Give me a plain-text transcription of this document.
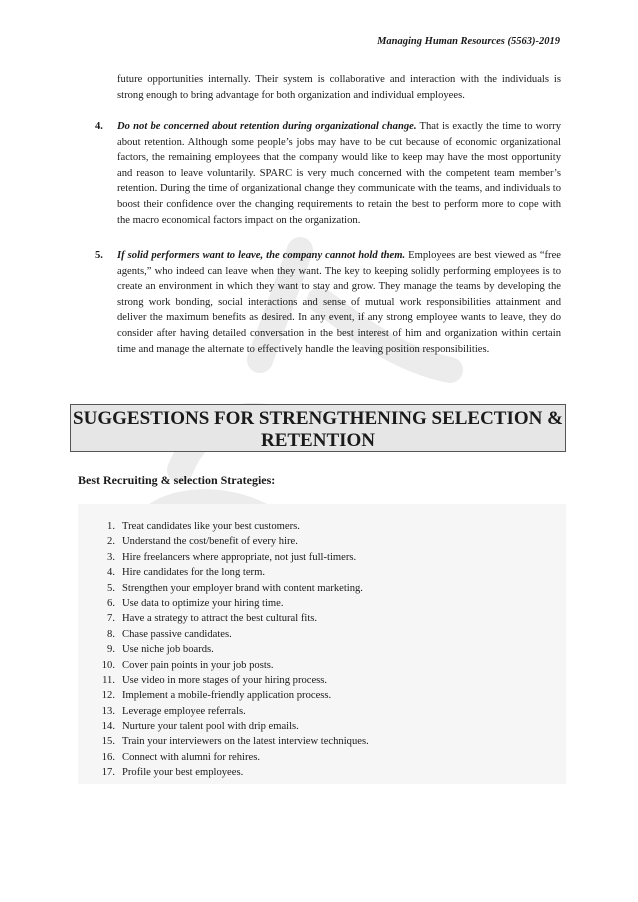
Managing Human Resources (5563)-2019
future opportunities internally. Their system is collaborative and interaction with the individuals is strong enough to bring advantage for both organization and individual employees.
4. Do not be concerned about retention during organizational change. That is exactly the time to worry about retention. Although some people’s jobs may have to be cut because of economic organizational factors, the remaining employees that the company would like to keep may have the most opportunity and reason to leave voluntarily. SPARC is very much concerned with the competent team member’s retention. During the time of organizational change they communicate with the teams, and individuals to boost their confidence over the changing requirements to retain the best to perform more to cope with the macro economical factors impact on the organization.
5. If solid performers want to leave, the company cannot hold them. Employees are best viewed as “free agents,” who indeed can leave when they want. The key to keeping solidly performing employees is to create an environment in which they want to stay and grow. They manage the teams by developing the strong work bonding, social interactions and sense of mutual work responsibilities attainment and deliver the maximum benefits as desired. In any event, if any strong employee wants to leave, they do consider after having detailed conversation in the best interest of him and organization within certain time and manage the alternate to effectively handle the leaving position responsibilities.
SUGGESTIONS FOR STRENGTHENING SELECTION &
RETENTION
Best Recruiting & selection Strategies:
1. Treat candidates like your best customers.
2. Understand the cost/benefit of every hire.
3. Hire freelancers where appropriate, not just full-timers.
4. Hire candidates for the long term.
5. Strengthen your employer brand with content marketing.
6. Use data to optimize your hiring time.
7. Have a strategy to attract the best cultural fits.
8. Chase passive candidates.
9. Use niche job boards.
10. Cover pain points in your job posts.
11. Use video in more stages of your hiring process.
12. Implement a mobile-friendly application process.
13. Leverage employee referrals.
14. Nurture your talent pool with drip emails.
15. Train your interviewers on the latest interview techniques.
16. Connect with alumni for rehires.
17. Profile your best employees.
